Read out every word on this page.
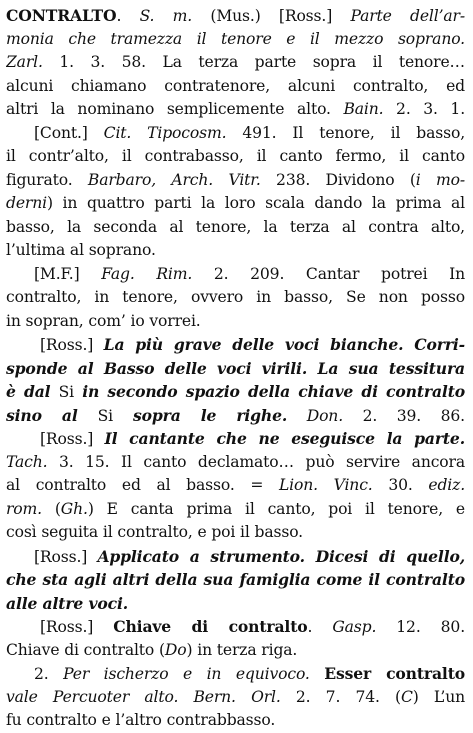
CONTRALTO. S. m. (Mus.) [Ross.] Parte dell’ar-
monia che tramezza il tenore e il mezzo soprano.
Zarl. 1. 3. 58. La terza parte sopra il tenore…
alcuni chiamano contratenore, alcuni contralto, ed
altri la nominano semplicemente alto. Bain. 2. 3. 1.
[Cont.] Cit. Tipocosm. 491. Il tenore, il basso,
il contr’alto, il contrabasso, il canto fermo, il canto
figurato. Barbaro, Arch. Vitr. 238. Dividono (i mo-
derni) in quattro parti la loro scala dando la prima al
basso, la seconda al tenore, la terza al contra alto,
l’ultima al soprano.
[M.F.] Fag. Rim. 2. 209. Cantar potrei In
contralto, in tenore, ovvero in basso, Se non posso
in sopran, com’ io vorrei.
[Ross.] La più grave delle voci bianche. Corri-
sponde al Basso delle voci virili. La sua tessitura
è dal Si in secondo spazio della chiave di contralto
sino al Si sopra le righe. Don. 2. 39. 86.
[Ross.] Il cantante che ne eseguisce la parte.
Tach. 3. 15. Il canto declamato… può servire ancora
al contralto ed al basso. = Lion. Vinc. 30. ediz.
rom. (Gh.) E canta prima il canto, poi il tenore, e
così seguita il contralto, e poi il basso.
[Ross.] Applicato a strumento. Dicesi di quello,
che sta agli altri della sua famiglia come il contralto
alle altre voci.
[Ross.] Chiave di contralto. Gasp. 12. 80.
Chiave di contralto (Do) in terza riga.
2. Per ischerzo e in equivoco. Esser contralto
vale Percuoter alto. Bern. Orl. 2. 7. 74. (C) L’un
fu contralto e l’altro contrabbasso.
